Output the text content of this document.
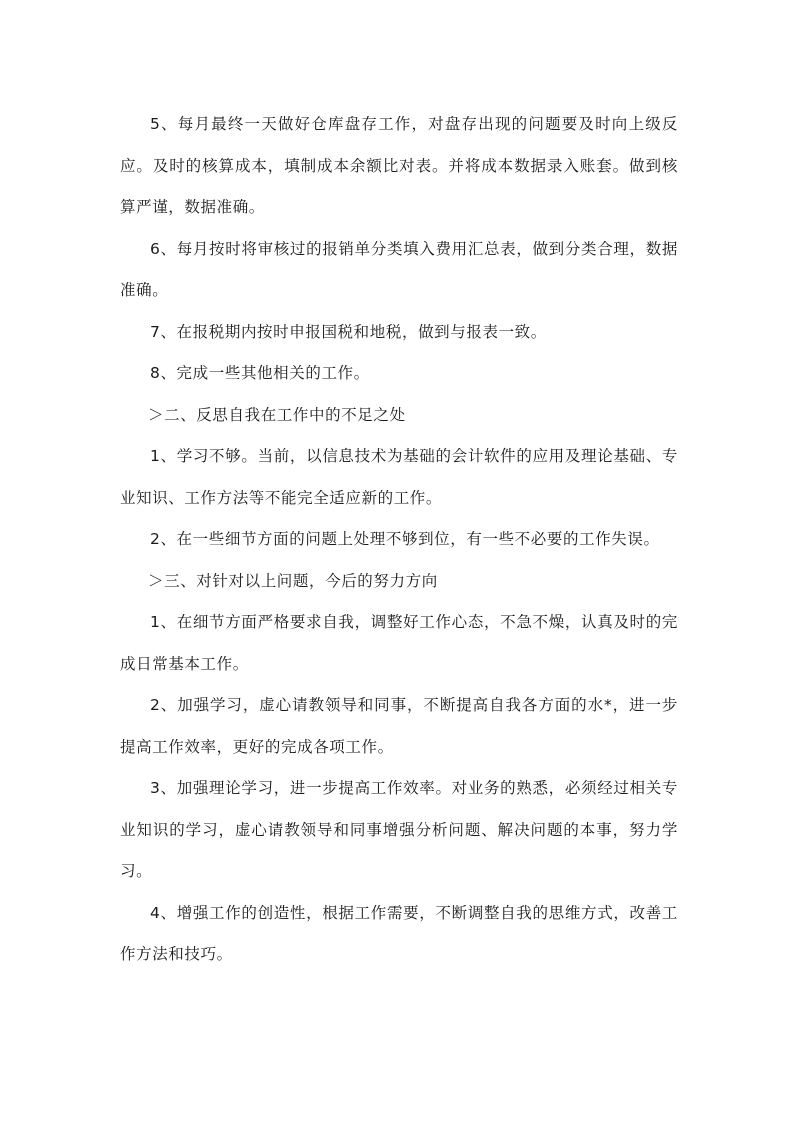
5、每月最终一天做好仓库盘存工作，对盘存出现的问题要及时向上级反应。及时的核算成本，填制成本余额比对表。并将成本数据录入账套。做到核算严谨，数据准确。

6、每月按时将审核过的报销单分类填入费用汇总表，做到分类合理，数据准确。

7、在报税期内按时申报国税和地税，做到与报表一致。

8、完成一些其他相关的工作。

＞二、反思自我在工作中的不足之处

1、学习不够。当前，以信息技术为基础的会计软件的应用及理论基础、专业知识、工作方法等不能完全适应新的工作。

2、在一些细节方面的问题上处理不够到位，有一些不必要的工作失误。

＞三、对针对以上问题，今后的努力方向

1、在细节方面严格要求自我，调整好工作心态，不急不燥，认真及时的完成日常基本工作。

2、加强学习，虚心请教领导和同事，不断提高自我各方面的水*，进一步提高工作效率，更好的完成各项工作。

3、加强理论学习，进一步提高工作效率。对业务的熟悉，必须经过相关专业知识的学习，虚心请教领导和同事增强分析问题、解决问题的本事，努力学习。

4、增强工作的创造性，根据工作需要，不断调整自我的思维方式，改善工作方法和技巧。
